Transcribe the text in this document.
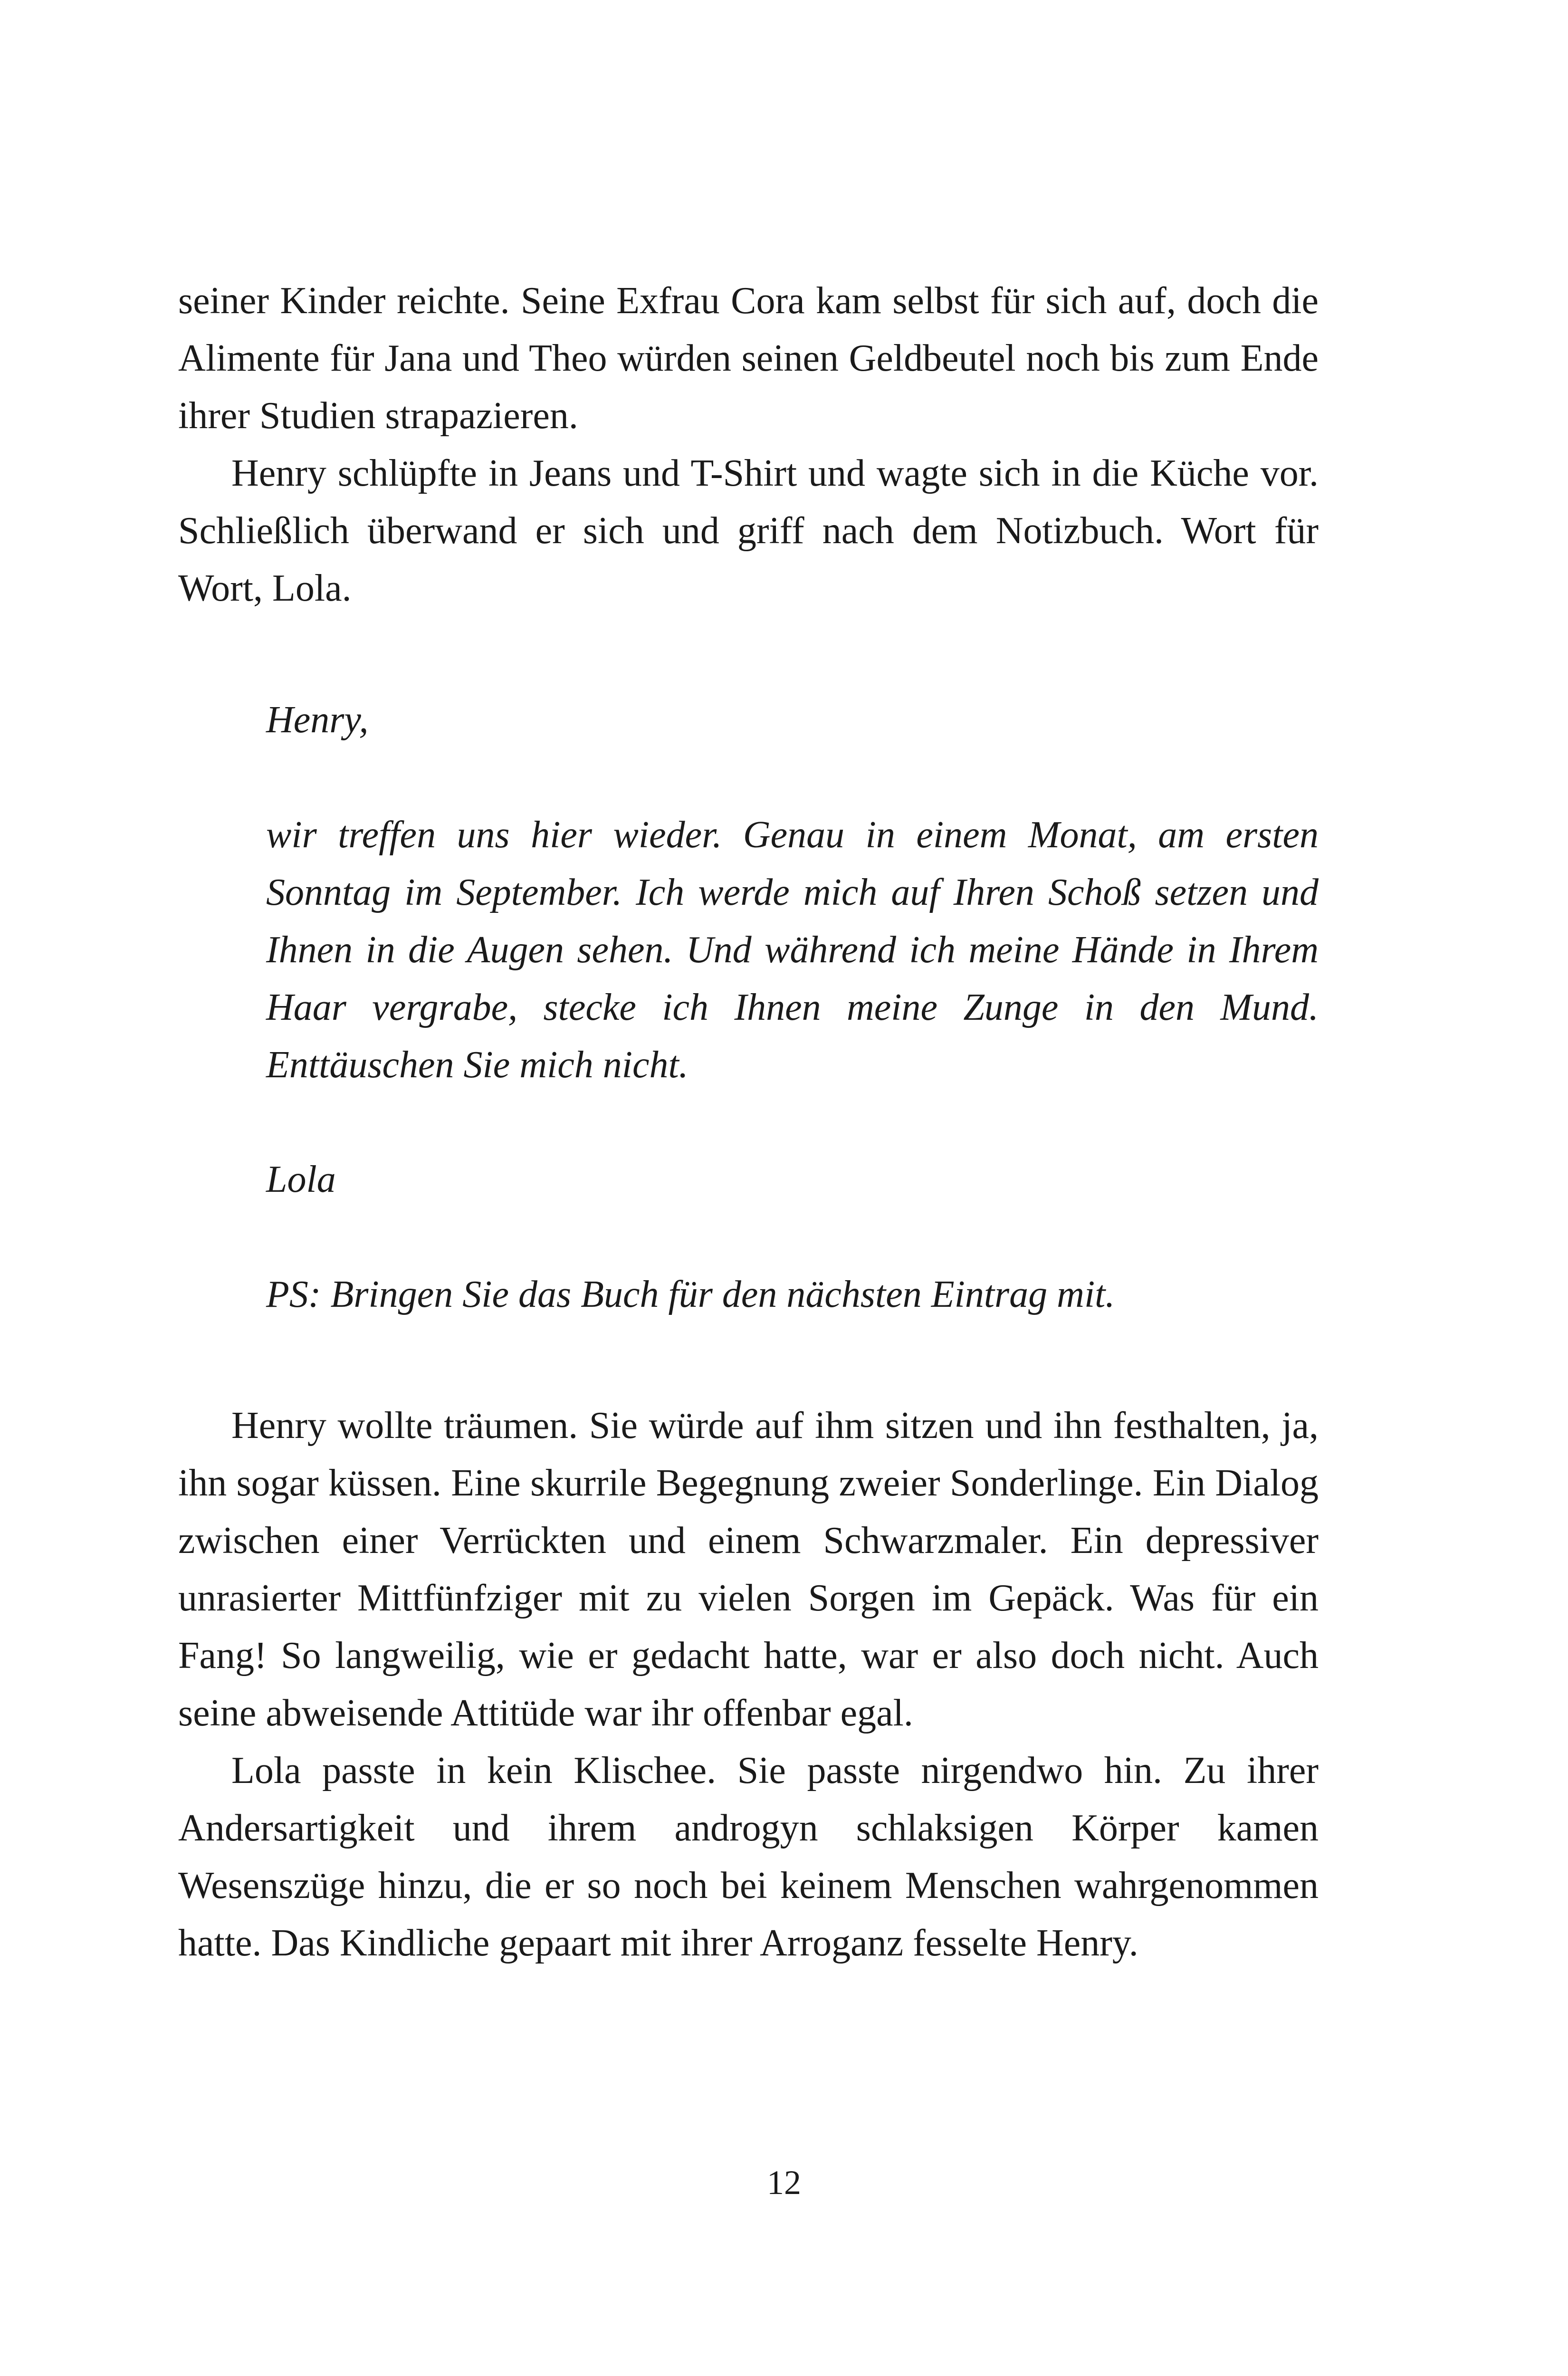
seiner Kinder reichte. Seine Exfrau Cora kam selbst für sich auf, doch die Alimente für Jana und Theo würden seinen Geldbeutel noch bis zum Ende ihrer Studien strapazieren.

Henry schlüpfte in Jeans und T-Shirt und wagte sich in die Küche vor. Schließlich überwand er sich und griff nach dem Notizbuch. Wort für Wort, Lola.

Henry,

wir treffen uns hier wieder. Genau in einem Monat, am ersten Sonntag im September. Ich werde mich auf Ihren Schoß setzen und Ihnen in die Augen sehen. Und während ich meine Hände in Ihrem Haar vergrabe, stecke ich Ihnen meine Zunge in den Mund. Enttäuschen Sie mich nicht.

Lola

PS: Bringen Sie das Buch für den nächsten Eintrag mit.

Henry wollte träumen. Sie würde auf ihm sitzen und ihn festhalten, ja, ihn sogar küssen. Eine skurrile Begegnung zweier Sonderlinge. Ein Dialog zwischen einer Verrückten und einem Schwarzmaler. Ein depressiver unrasierter Mittfünfziger mit zu vielen Sorgen im Gepäck. Was für ein Fang! So langweilig, wie er gedacht hatte, war er also doch nicht. Auch seine abweisende Attitüde war ihr offenbar egal.

Lola passte in kein Klischee. Sie passte nirgendwo hin. Zu ihrer Andersartigkeit und ihrem androgyn schlaksigen Körper kamen Wesenszüge hinzu, die er so noch bei keinem Menschen wahrgenommen hatte. Das Kindliche gepaart mit ihrer Arroganz fesselte Henry.

12
